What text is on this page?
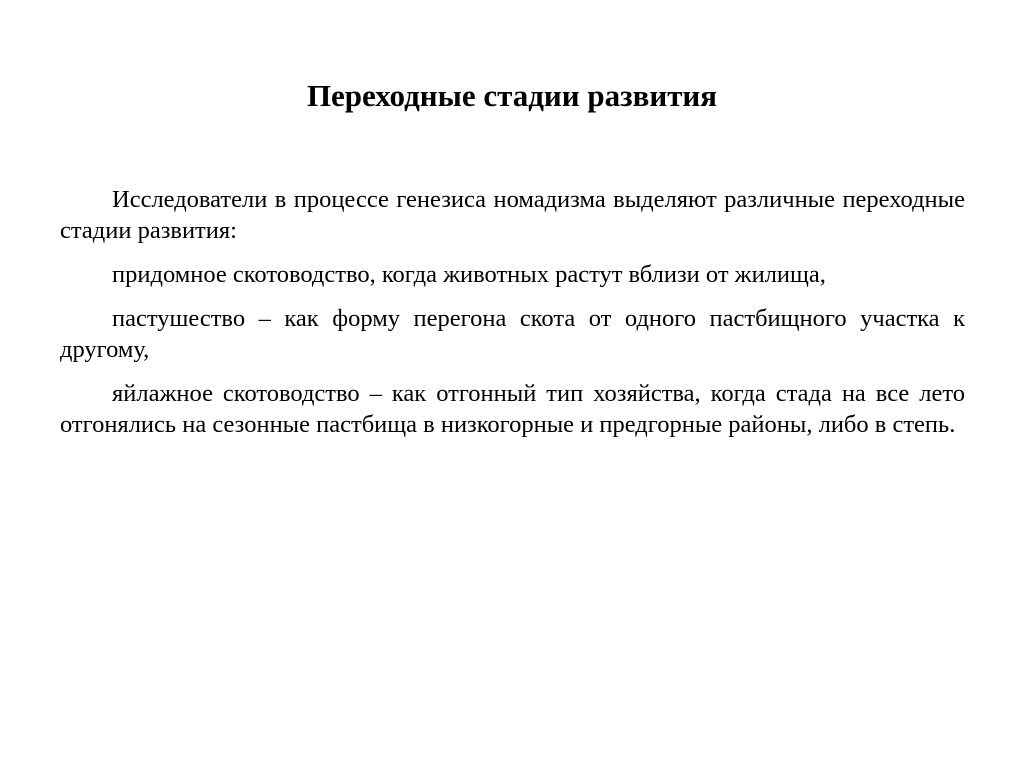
Переходные стадии развития

Исследователи в процессе генезиса номадизма выделяют различные переходные стадии развития:

придомное скотоводство, когда животных растут вблизи от жилища,

пастушество – как форму перегона скота от одного пастбищного участка к другому,

яйлажное скотоводство – как отгонный тип хозяйства, когда стада на все лето отгонялись на сезонные пастбища в низкогорные и предгорные районы, либо в степь.
